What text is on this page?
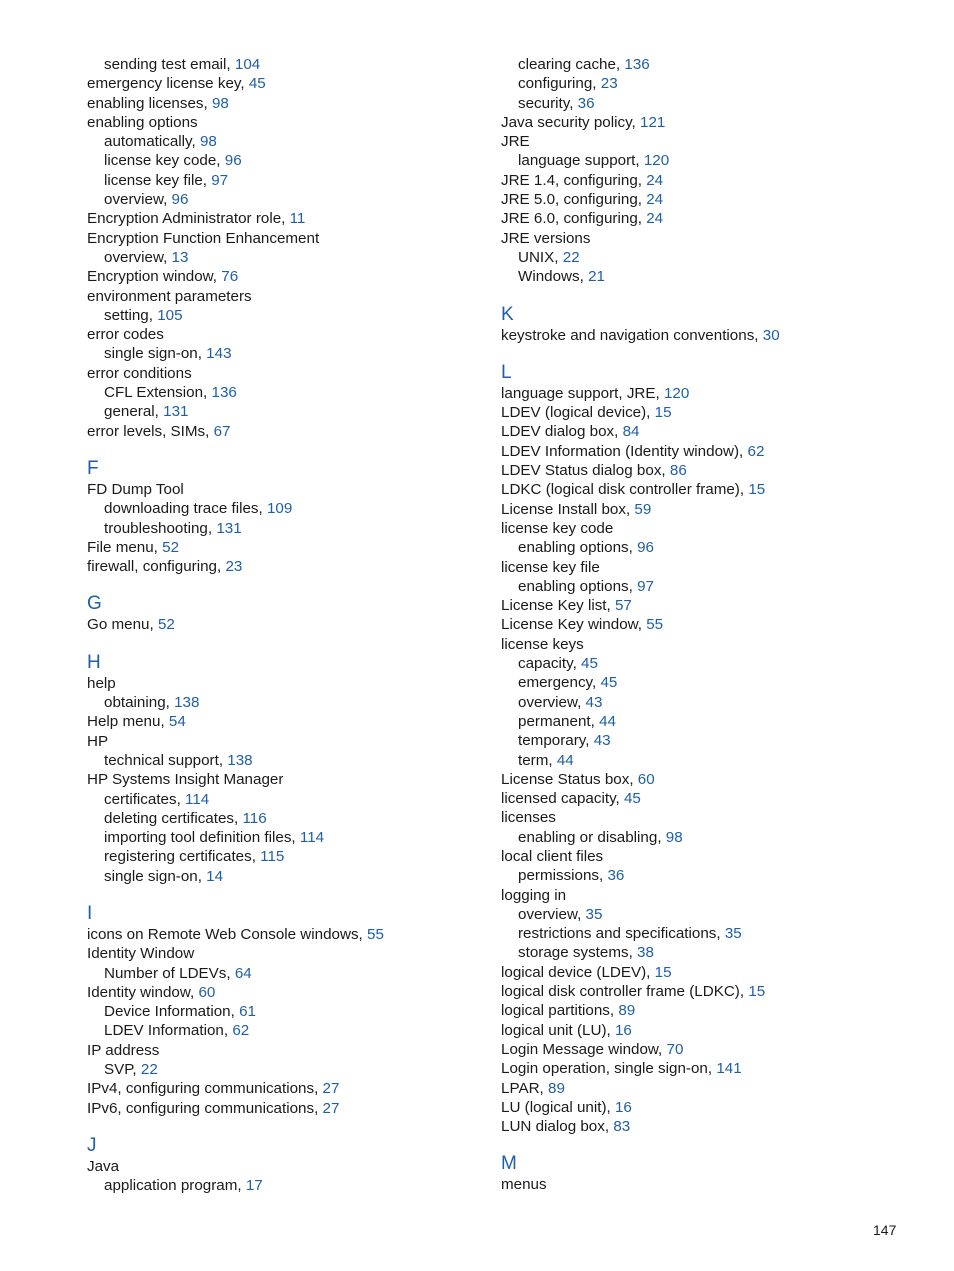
sending test email, 104
emergency license key, 45
enabling licenses, 98
enabling options
automatically, 98
license key code, 96
license key file, 97
overview, 96
Encryption Administrator role, 11
Encryption Function Enhancement
overview, 13
Encryption window, 76
environment parameters
setting, 105
error codes
single sign-on, 143
error conditions
CFL Extension, 136
general, 131
error levels, SIMs, 67
F
FD Dump Tool
downloading trace files, 109
troubleshooting, 131
File menu, 52
firewall, configuring, 23
G
Go menu, 52
H
help
obtaining, 138
Help menu, 54
HP
technical support, 138
HP Systems Insight Manager
certificates, 114
deleting certificates, 116
importing tool definition files, 114
registering certificates, 115
single sign-on, 14
I
icons on Remote Web Console windows, 55
Identity Window
Number of LDEVs, 64
Identity window, 60
Device Information, 61
LDEV Information, 62
IP address
SVP, 22
IPv4, configuring communications, 27
IPv6, configuring communications, 27
J
Java
application program, 17
clearing cache, 136
configuring, 23
security, 36
Java security policy, 121
JRE
language support, 120
JRE 1.4, configuring, 24
JRE 5.0, configuring, 24
JRE 6.0, configuring, 24
JRE versions
UNIX, 22
Windows, 21
K
keystroke and navigation conventions, 30
L
language support, JRE, 120
LDEV (logical device), 15
LDEV dialog box, 84
LDEV Information (Identity window), 62
LDEV Status dialog box, 86
LDKC (logical disk controller frame), 15
License Install box, 59
license key code
enabling options, 96
license key file
enabling options, 97
License Key list, 57
License Key window, 55
license keys
capacity, 45
emergency, 45
overview, 43
permanent, 44
temporary, 43
term, 44
License Status box, 60
licensed capacity, 45
licenses
enabling or disabling, 98
local client files
permissions, 36
logging in
overview, 35
restrictions and specifications, 35
storage systems, 38
logical device (LDEV), 15
logical disk controller frame (LDKC), 15
logical partitions, 89
logical unit (LU), 16
Login Message window, 70
Login operation, single sign-on, 141
LPAR, 89
LU (logical unit), 16
LUN dialog box, 83
M
menus
147
